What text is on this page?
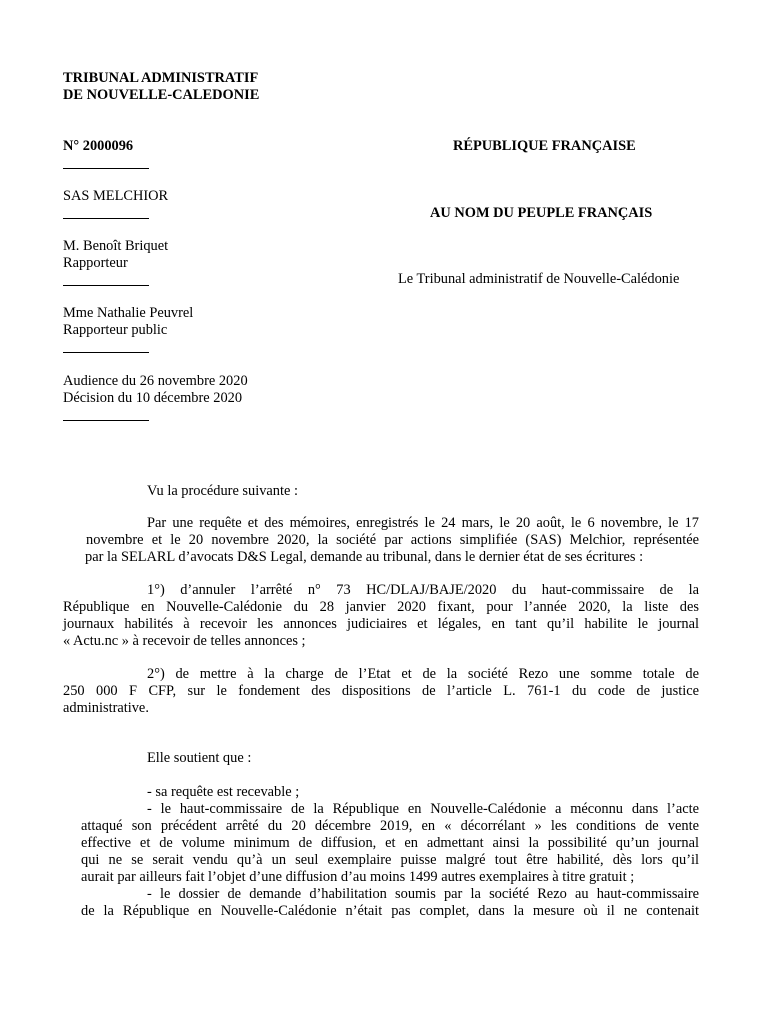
TRIBUNAL ADMINISTRATIF
DE NOUVELLE-CALEDONIE
N° 2000096	RÉPUBLIQUE FRANÇAISE
SAS MELCHIOR
AU NOM DU PEUPLE FRANÇAIS
M. Benoît Briquet
Rapporteur
Le Tribunal administratif de Nouvelle-Calédonie
Mme Nathalie Peuvrel
Rapporteur public
Audience du 26 novembre 2020
Décision du 10 décembre 2020
Vu la procédure suivante :
Par une requête et des mémoires, enregistrés le 24 mars, le 20 août, le 6 novembre, le 17
novembre et le 20 novembre 2020, la société par actions simplifiée (SAS) Melchior, représentée
par la SELARL d’avocats D&S Legal, demande au tribunal, dans le dernier état de ses écritures :
1°) d’annuler l’arrêté n° 73 HC/DLAJ/BAJE/2020 du haut-commissaire de la
République en Nouvelle-Calédonie du 28 janvier 2020 fixant, pour l’année 2020, la liste des
journaux habilités à recevoir les annonces judiciaires et légales, en tant qu’il habilite le journal
« Actu.nc » à recevoir de telles annonces ;
2°) de mettre à la charge de l’Etat et de la société Rezo une somme totale de
250 000 F CFP, sur le fondement des dispositions de l’article L. 761-1 du code de justice
administrative.
Elle soutient que :
- sa requête est recevable ;
- le haut-commissaire de la République en Nouvelle-Calédonie a méconnu dans l’acte
attaqué son précédent arrêté du 20 décembre 2019, en « décorrélant » les conditions de vente
effective et de volume minimum de diffusion, et en admettant ainsi la possibilité qu’un journal
qui ne se serait vendu qu’à un seul exemplaire puisse malgré tout être habilité, dès lors qu’il
aurait par ailleurs fait l’objet d’une diffusion d’au moins 1499 autres exemplaires à titre gratuit ;
- le dossier de demande d’habilitation soumis par la société Rezo au haut-commissaire
de la République en Nouvelle-Calédonie n’était pas complet, dans la mesure où il ne contenait
